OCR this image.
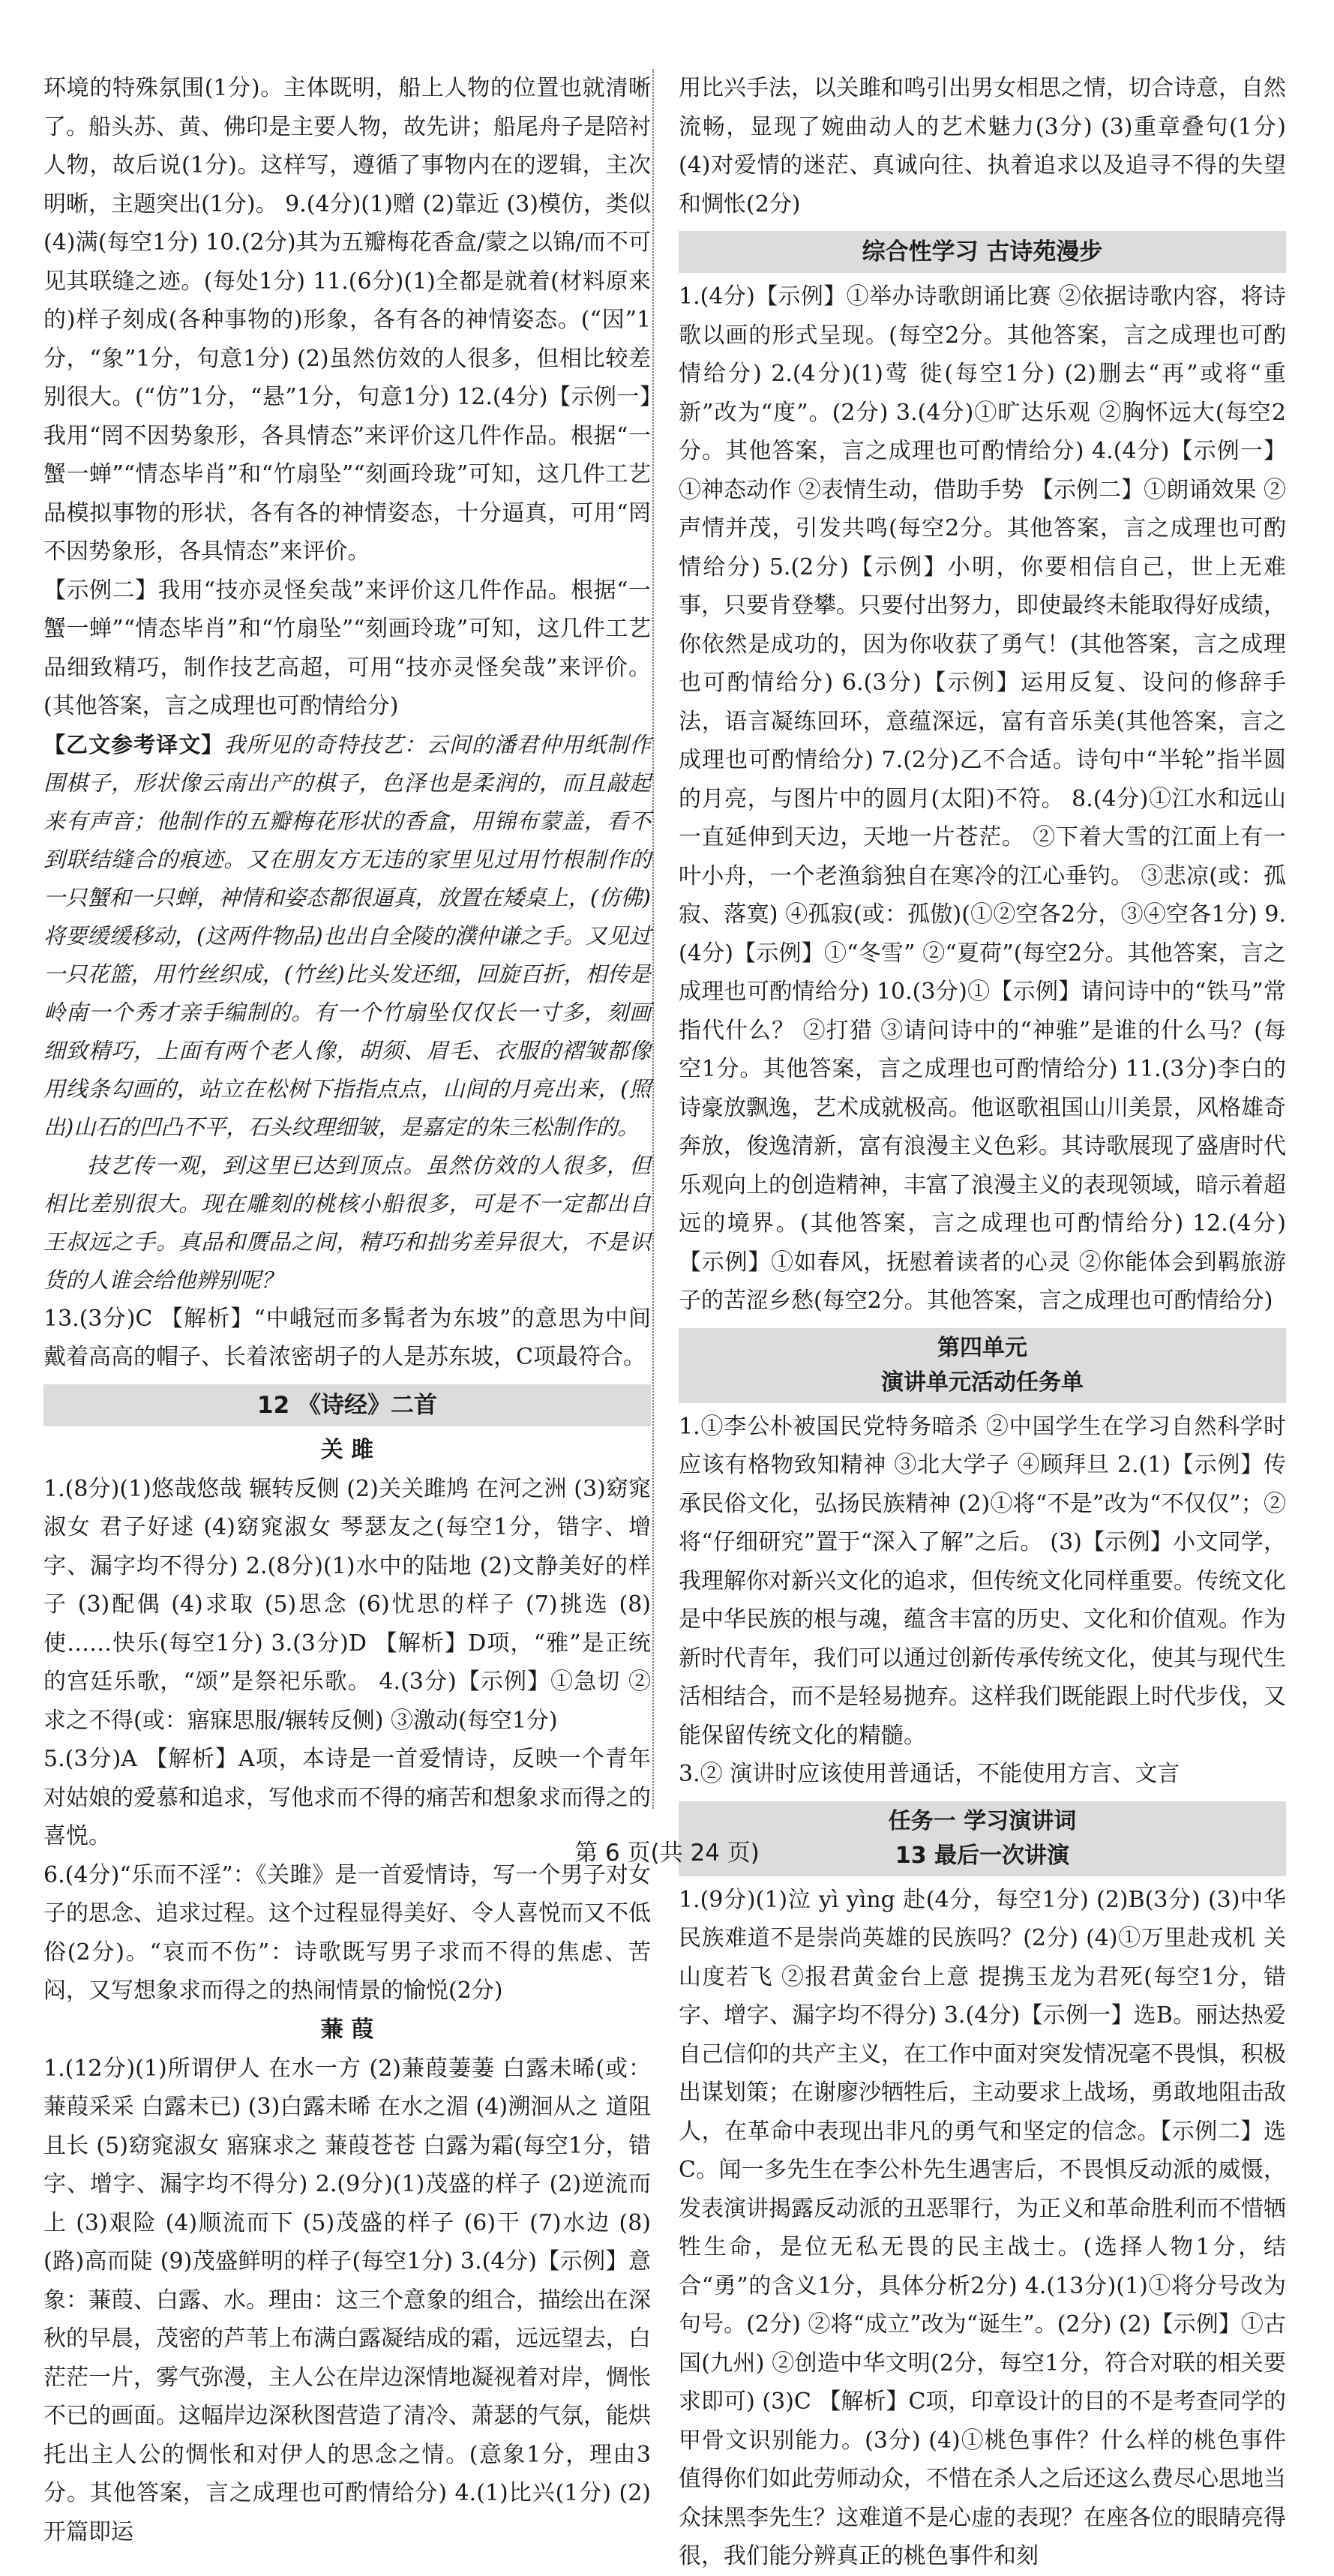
环境的特殊氛围(1分)。主体既明，船上人物的位置也就清晰了。船头苏、黄、佛印是主要人物，故先讲；船尾舟子是陪衬人物，故后说(1分)。这样写，遵循了事物内在的逻辑，主次明晰，主题突出(1分)。 9.(4分)(1)赠 (2)靠近 (3)模仿，类似 (4)满(每空1分) 10.(2分)其为五瓣梅花香盒/蒙之以锦/而不可见其联缝之迹。(每处1分) 11.(6分)(1)全都是就着(材料原来的)样子刻成(各种事物的)形象，各有各的神情姿态。(“因”1分，“象”1分，句意1分) (2)虽然仿效的人很多，但相比较差别很大。(“仿”1分，“悬”1分，句意1分) 12.(4分)【示例一】我用“罔不因势象形，各具情态”来评价这几件作品。根据“一蟹一蝉”“情态毕肖”和“竹扇坠”“刻画玲珑”可知，这几件工艺品模拟事物的形状，各有各的神情姿态，十分逼真，可用“罔不因势象形，各具情态”来评价。

【示例二】我用“技亦灵怪矣哉”来评价这几件作品。根据“一蟹一蝉”“情态毕肖”和“竹扇坠”“刻画玲珑”可知，这几件工艺品细致精巧，制作技艺高超，可用“技亦灵怪矣哉”来评价。(其他答案，言之成理也可酌情给分)

【乙文参考译文】我所见的奇特技艺：云间的潘君仲用纸制作围棋子，形状像云南出产的棋子，色泽也是柔润的，而且敲起来有声音；他制作的五瓣梅花形状的香盒，用锦布蒙盖，看不到联结缝合的痕迹。又在朋友方无违的家里见过用竹根制作的一只蟹和一只蝉，神情和姿态都很逼真，放置在矮桌上，(仿佛)将要缓缓移动，(这两件物品)也出自全陵的濮仲谦之手。又见过一只花篮，用竹丝织成，(竹丝)比头发还细，回旋百折，相传是岭南一个秀才亲手编制的。有一个竹扇坠仅仅长一寸多，刻画细致精巧，上面有两个老人像，胡须、眉毛、衣服的褶皱都像用线条勾画的，站立在松树下指指点点，山间的月亮出来，(照出)山石的凹凸不平，石头纹理细皱，是嘉定的朱三松制作的。

技艺传一观，到这里已达到顶点。虽然仿效的人很多，但相比差别很大。现在雕刻的桃核小船很多，可是不一定都出自王叔远之手。真品和赝品之间，精巧和拙劣差异很大，不是识货的人谁会给他辨别呢？

13.(3分)C 【解析】“中峨冠而多髯者为东坡”的意思为中间戴着高高的帽子、长着浓密胡子的人是苏东坡，C项最符合。

12 《诗经》二首

关 雎

1.(8分)(1)悠哉悠哉 辗转反侧 (2)关关雎鸠 在河之洲 (3)窈窕淑女 君子好逑 (4)窈窕淑女 琴瑟友之(每空1分，错字、增字、漏字均不得分) 2.(8分)(1)水中的陆地 (2)文静美好的样子 (3)配偶 (4)求取 (5)思念 (6)忧思的样子 (7)挑选 (8)使……快乐(每空1分) 3.(3分)D 【解析】D项，“雅”是正统的宫廷乐歌，“颂”是祭祀乐歌。 4.(3分)【示例】①急切 ②求之不得(或：寤寐思服/辗转反侧) ③激动(每空1分)

5.(3分)A 【解析】A项，本诗是一首爱情诗，反映一个青年对姑娘的爱慕和追求，写他求而不得的痛苦和想象求而得之的喜悦。

6.(4分)“乐而不淫”：《关雎》是一首爱情诗，写一个男子对女子的思念、追求过程。这个过程显得美好、令人喜悦而又不低俗(2分)。“哀而不伤”：诗歌既写男子求而不得的焦虑、苦闷，又写想象求而得之的热闹情景的愉悦(2分)

蒹 葭

1.(12分)(1)所谓伊人 在水一方 (2)蒹葭萋萋 白露未晞(或：蒹葭采采 白露未已) (3)白露未晞 在水之湄 (4)溯洄从之 道阻且长 (5)窈窕淑女 寤寐求之 蒹葭苍苍 白露为霜(每空1分，错字、增字、漏字均不得分) 2.(9分)(1)茂盛的样子 (2)逆流而上 (3)艰险 (4)顺流而下 (5)茂盛的样子 (6)干 (7)水边 (8)(路)高而陡 (9)茂盛鲜明的样子(每空1分) 3.(4分)【示例】意象：蒹葭、白露、水。理由：这三个意象的组合，描绘出在深秋的早晨，茂密的芦苇上布满白露凝结成的霜，远远望去，白茫茫一片，雾气弥漫，主人公在岸边深情地凝视着对岸，惆怅不已的画面。这幅岸边深秋图营造了清冷、萧瑟的气氛，能烘托出主人公的惆怅和对伊人的思念之情。(意象1分，理由3分。其他答案，言之成理也可酌情给分) 4.(1)比兴(1分) (2)开篇即运

用比兴手法，以关雎和鸣引出男女相思之情，切合诗意，自然流畅，显现了婉曲动人的艺术魅力(3分) (3)重章叠句(1分) (4)对爱情的迷茫、真诚向往、执着追求以及追寻不得的失望和惆怅(2分)

综合性学习 古诗苑漫步

1.(4分)【示例】①举办诗歌朗诵比赛 ②依据诗歌内容，将诗歌以画的形式呈现。(每空2分。其他答案，言之成理也可酌情给分) 2.(4分)(1)莺 徙(每空1分) (2)删去“再”或将“重新”改为“度”。(2分) 3.(4分)①旷达乐观 ②胸怀远大(每空2分。其他答案，言之成理也可酌情给分) 4.(4分)【示例一】①神态动作 ②表情生动，借助手势 【示例二】①朗诵效果 ②声情并茂，引发共鸣(每空2分。其他答案，言之成理也可酌情给分) 5.(2分)【示例】小明，你要相信自己，世上无难事，只要肯登攀。只要付出努力，即使最终未能取得好成绩，你依然是成功的，因为你收获了勇气！(其他答案，言之成理也可酌情给分) 6.(3分)【示例】运用反复、设问的修辞手法，语言凝练回环，意蕴深远，富有音乐美(其他答案，言之成理也可酌情给分) 7.(2分)乙不合适。诗句中“半轮”指半圆的月亮，与图片中的圆月(太阳)不符。 8.(4分)①江水和远山一直延伸到天边，天地一片苍茫。 ②下着大雪的江面上有一叶小舟，一个老渔翁独自在寒冷的江心垂钓。 ③悲凉(或：孤寂、落寞) ④孤寂(或：孤傲)(①②空各2分，③④空各1分) 9.(4分)【示例】①“冬雪” ②“夏荷”(每空2分。其他答案，言之成理也可酌情给分) 10.(3分)①【示例】请问诗中的“铁马”常指代什么？ ②打猎 ③请问诗中的“神骓”是谁的什么马？(每空1分。其他答案，言之成理也可酌情给分) 11.(3分)李白的诗豪放飘逸，艺术成就极高。他讴歌祖国山川美景，风格雄奇奔放，俊逸清新，富有浪漫主义色彩。其诗歌展现了盛唐时代乐观向上的创造精神，丰富了浪漫主义的表现领域，暗示着超远的境界。(其他答案，言之成理也可酌情给分) 12.(4分)【示例】①如春风，抚慰着读者的心灵 ②你能体会到羁旅游子的苦涩乡愁(每空2分。其他答案，言之成理也可酌情给分)

第四单元
演讲单元活动任务单

1.①李公朴被国民党特务暗杀 ②中国学生在学习自然科学时应该有格物致知精神 ③北大学子 ④顾拜旦 2.(1)【示例】传承民俗文化，弘扬民族精神 (2)①将“不是”改为“不仅仅”；②将“仔细研究”置于“深入了解”之后。 (3)【示例】小文同学，我理解你对新兴文化的追求，但传统文化同样重要。传统文化是中华民族的根与魂，蕴含丰富的历史、文化和价值观。作为新时代青年，我们可以通过创新传承传统文化，使其与现代生活相结合，而不是轻易抛弃。这样我们既能跟上时代步伐，又能保留传统文化的精髓。

3.② 演讲时应该使用普通话，不能使用方言、文言

任务一 学习演讲词
13 最后一次讲演

1.(9分)(1)泣 yì yìng 赴(4分，每空1分) (2)B(3分) (3)中华民族难道不是崇尚英雄的民族吗？(2分) (4)①万里赴戎机 关山度若飞 ②报君黄金台上意 提携玉龙为君死(每空1分，错字、增字、漏字均不得分) 3.(4分)【示例一】选B。丽达热爱自己信仰的共产主义，在工作中面对突发情况毫不畏惧，积极出谋划策；在谢廖沙牺牲后，主动要求上战场，勇敢地阻击敌人，在革命中表现出非凡的勇气和坚定的信念。【示例二】选C。闻一多先生在李公朴先生遇害后，不畏惧反动派的威慑，发表演讲揭露反动派的丑恶罪行，为正义和革命胜利而不惜牺牲生命，是位无私无畏的民主战士。(选择人物1分，结合“勇”的含义1分，具体分析2分) 4.(13分)(1)①将分号改为句号。(2分) ②将“成立”改为“诞生”。(2分) (2)【示例】①古国(九州) ②创造中华文明(2分，每空1分，符合对联的相关要求即可) (3)C 【解析】C项，印章设计的目的不是考查同学的甲骨文识别能力。(3分) (4)①桃色事件？什么样的桃色事件值得你们如此劳师动众，不惜在杀人之后还这么费尽心思地当众抹黑李先生？这难道不是心虚的表现？在座各位的眼睛亮得很，我们能分辨真正的桃色事件和刻

第 6 页(共 24 页)
